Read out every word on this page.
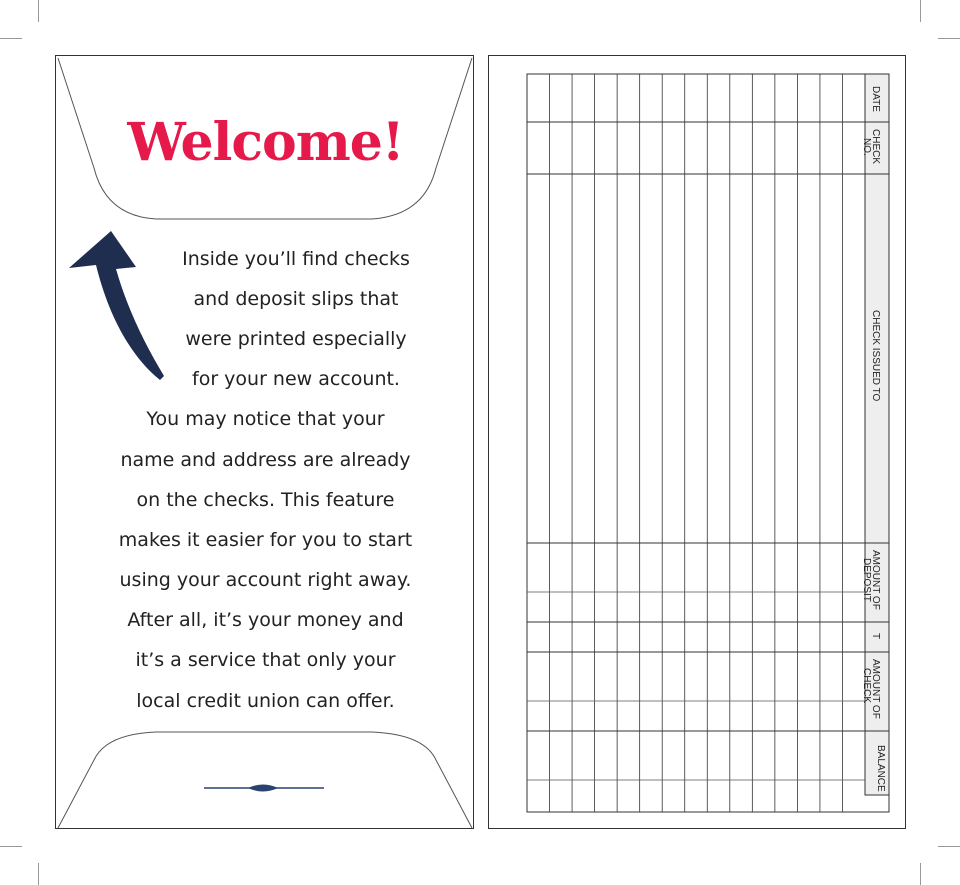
Welcome!
Inside you’ll find checks
and deposit slips that
were printed especially
for your new account.
You may notice that your
name and address are already
on the checks. This feature
makes it easier for you to start
using your account right away.
After all, it’s your money and
it’s a service that only your
local credit union can offer.
DATE
CHECK
NO.
CHECK ISSUED TO
AMOUNT OF
DEPOSIT
T
AMOUNT OF
CHECK
BALANCE
